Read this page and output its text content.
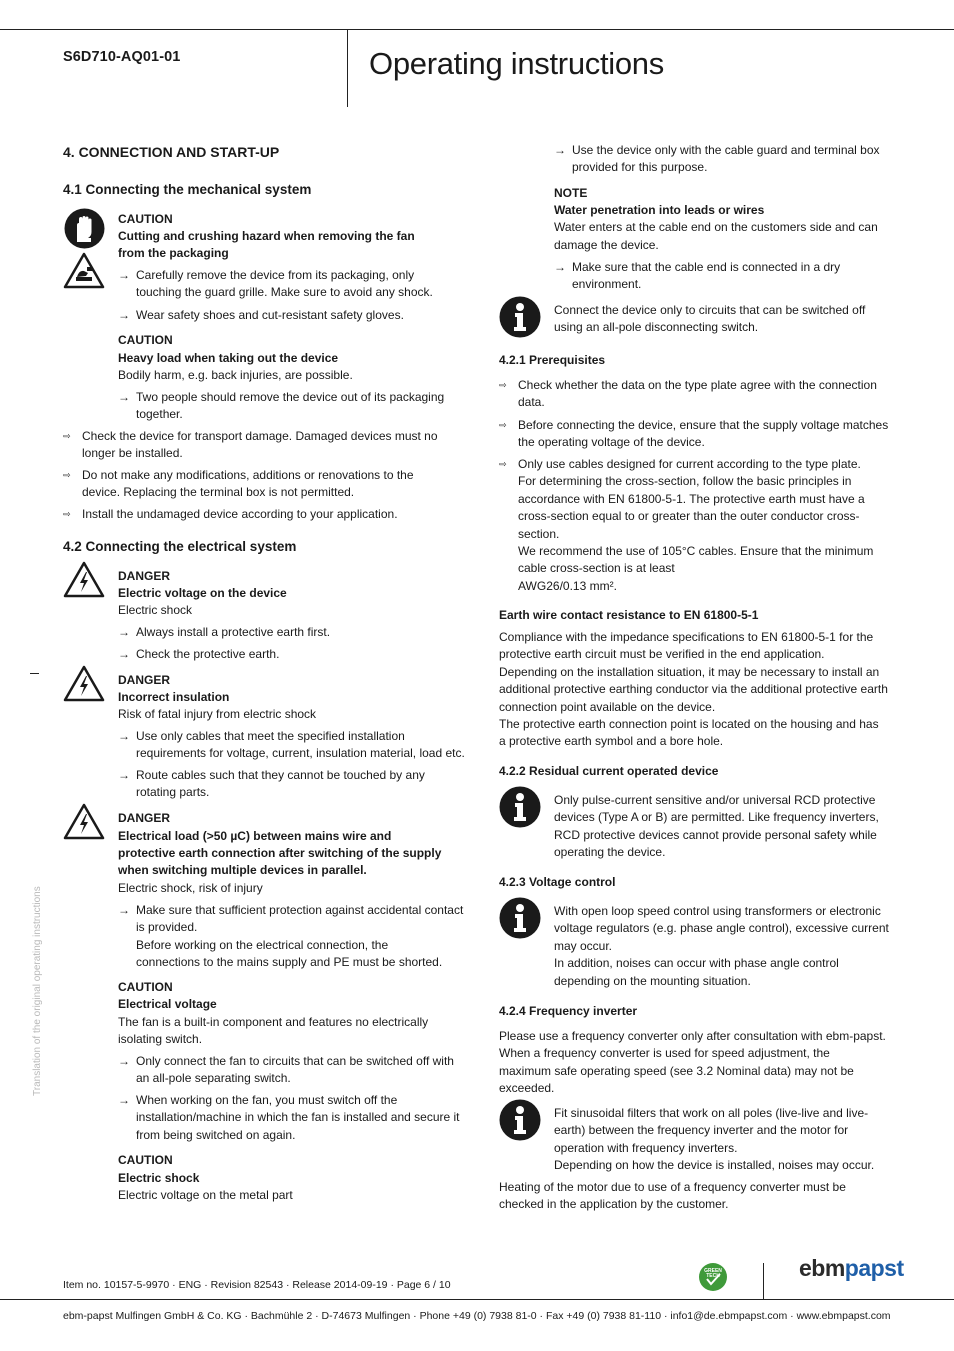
S6D710-AQ01-01	Operating instructions
Translation of the original operating instructions
4. CONNECTION AND START-UP
4.1 Connecting the mechanical system
CAUTION
Cutting and crushing hazard when removing the fan
from the packaging
→ Carefully remove the device from its packaging, only
touching the guard grille. Make sure to avoid any shock.
→ Wear safety shoes and cut-resistant safety gloves.
CAUTION
Heavy load when taking out the device
Bodily harm, e.g. back injuries, are possible.
→ Two people should remove the device out of its packaging
together.
⇨ Check the device for transport damage. Damaged devices must no
longer be installed.
⇨ Do not make any modifications, additions or renovations to the
device. Replacing the terminal box is not permitted.
⇨ Install the undamaged device according to your application.
4.2 Connecting the electrical system
DANGER
Electric voltage on the device
Electric shock
→ Always install a protective earth first.
→ Check the protective earth.
DANGER
Incorrect insulation
Risk of fatal injury from electric shock
→ Use only cables that meet the specified installation
requirements for voltage, current, insulation material, load etc.
→ Route cables such that they cannot be touched by any
rotating parts.
DANGER
Electrical load (>50 µC) between mains wire and
protective earth connection after switching of the supply
when switching multiple devices in parallel.
Electric shock, risk of injury
→ Make sure that sufficient protection against accidental contact
is provided.
Before working on the electrical connection, the
connections to the mains supply and PE must be shorted.
CAUTION
Electrical voltage
The fan is a built-in component and features no electrically
isolating switch.
→ Only connect the fan to circuits that can be switched off with
an all-pole separating switch.
→ When working on the fan, you must switch off the
installation/machine in which the fan is installed and secure it
from being switched on again.
CAUTION
Electric shock
Electric voltage on the metal part
→ Use the device only with the cable guard and terminal box
provided for this purpose.
NOTE
Water penetration into leads or wires
Water enters at the cable end on the customers side and can
damage the device.
→ Make sure that the cable end is connected in a dry
environment.
Connect the device only to circuits that can be switched off
using an all-pole disconnecting switch.
4.2.1 Prerequisites
⇨ Check whether the data on the type plate agree with the connection
data.
⇨ Before connecting the device, ensure that the supply voltage matches
the operating voltage of the device.
⇨ Only use cables designed for current according to the type plate.
For determining the cross-section, follow the basic principles in
accordance with EN 61800-5-1. The protective earth must have a
cross-section equal to or greater than the outer conductor cross-
section.
We recommend the use of 105°C cables. Ensure that the minimum
cable cross-section is at least
AWG26/0.13 mm².
Earth wire contact resistance to EN 61800-5-1
Compliance with the impedance specifications to EN 61800-5-1 for the
protective earth circuit must be verified in the end application.
Depending on the installation situation, it may be necessary to install an
additional protective earthing conductor via the additional protective earth
connection point available on the device.
The protective earth connection point is located on the housing and has
a protective earth symbol and a bore hole.
4.2.2 Residual current operated device
Only pulse-current sensitive and/or universal RCD protective
devices (Type A or B) are permitted. Like frequency inverters,
RCD protective devices cannot provide personal safety while
operating the device.
4.2.3 Voltage control
With open loop speed control using transformers or electronic
voltage regulators (e.g. phase angle control), excessive current
may occur.
In addition, noises can occur with phase angle control
depending on the mounting situation.
4.2.4 Frequency inverter
Please use a frequency converter only after consultation with ebm-papst.
When a frequency converter is used for speed adjustment, the
maximum safe operating speed (see 3.2 Nominal data) may not be
exceeded.
Fit sinusoidal filters that work on all poles (live-live and live-
earth) between the frequency inverter and the motor for
operation with frequency inverters.
Depending on how the device is installed, noises may occur.
Heating of the motor due to use of a frequency converter must be
checked in the application by the customer.
Item no. 10157-5-9970 · ENG · Revision 82543 · Release 2014-09-19 · Page 6 / 10
GREEN
TECH	ebmpapst
ebm-papst Mulfingen GmbH & Co. KG · Bachmühle 2 · D-74673 Mulfingen · Phone +49 (0) 7938 81-0 · Fax +49 (0) 7938 81-110 · info1@de.ebmpapst.com · www.ebmpapst.com
